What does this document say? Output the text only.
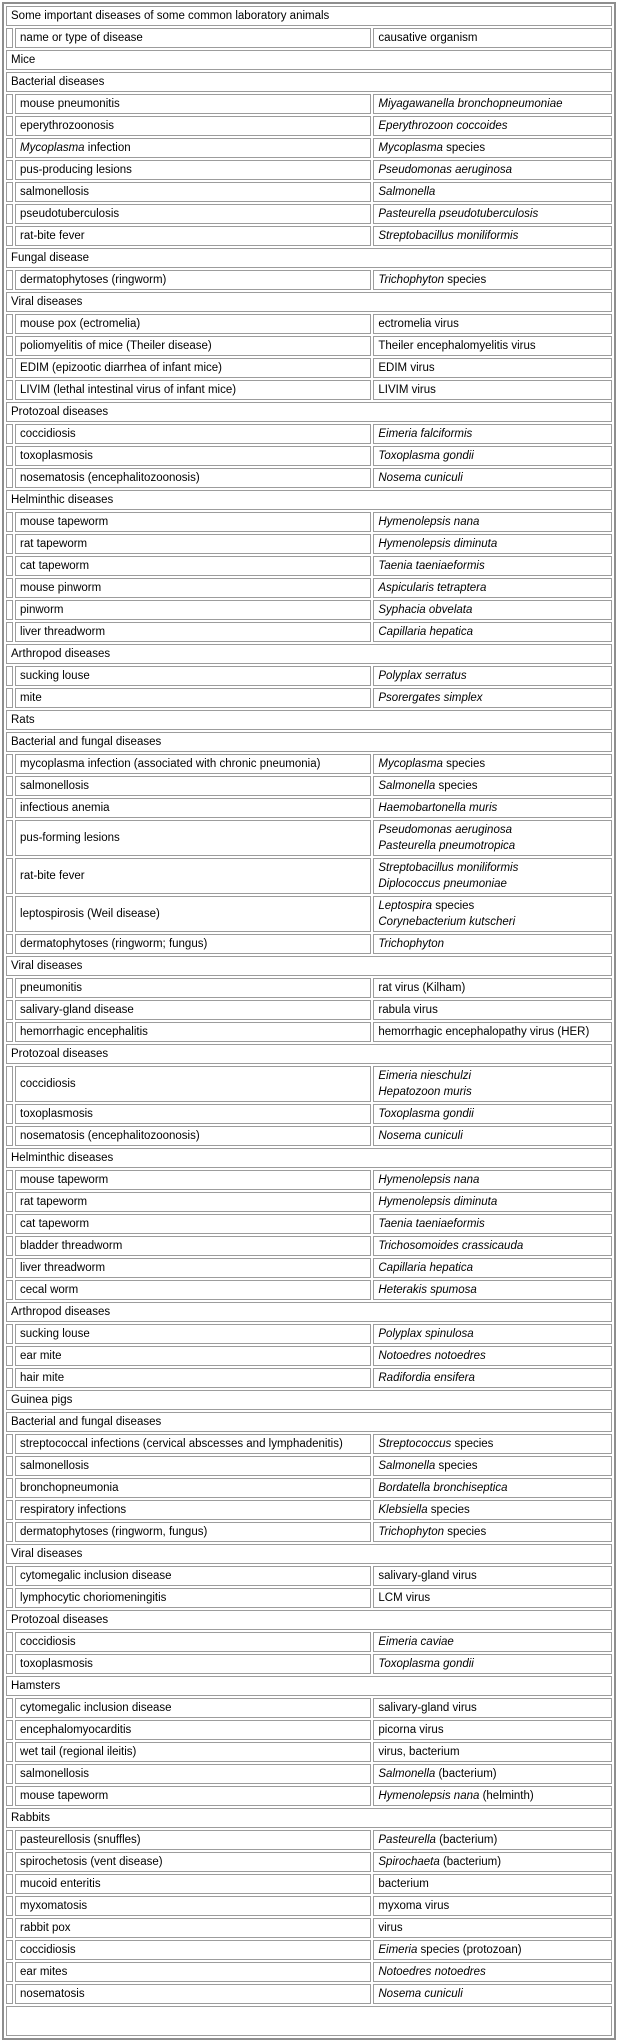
Some important diseases of some common laboratory animals		
	name or type of disease	causative organism
Mice		
Bacterial diseases		
	mouse pneumonitis	Miyagawanella bronchopneumoniae

	eperythrozoonosis	Eperythrozoon coccoides

	Mycoplasma infection	Mycoplasma species

	pus-producing lesions	Pseudomonas aeruginosa

	salmonellosis	Salmonella

	pseudotuberculosis	Pasteurella pseudotuberculosis

	rat-bite fever	Streptobacillus moniliformis

Fungal disease		
	dermatophytoses (ringworm)	Trichophyton species

Viral diseases		
	mouse pox (ectromelia)	ectromelia virus

	poliomyelitis of mice (Theiler disease)	Theiler encephalomyelitis virus

	EDIM (epizootic diarrhea of infant mice)	EDIM virus

	LIVIM (lethal intestinal virus of infant mice)	LIVIM virus

Protozoal diseases		
	coccidiosis	Eimeria falciformis

	toxoplasmosis	Toxoplasma gondii

	nosematosis (encephalitozoonosis)	Nosema cuniculi

Helminthic diseases		
	mouse tapeworm	Hymenolepsis nana

	rat tapeworm	Hymenolepsis diminuta

	cat tapeworm	Taenia taeniaeformis

	mouse pinworm	Aspicularis tetraptera

	pinworm	Syphacia obvelata

	liver threadworm	Capillaria hepatica

Arthropod diseases		
	sucking louse	Polyplax serratus

	mite	Psorergates simplex

Rats		
Bacterial and fungal diseases		
	mycoplasma infection (associated with chronic pneumonia)	Mycoplasma species

	salmonellosis	Salmonella species

	infectious anemia	Haemobartonella muris

	pus-forming lesions	Pseudomonas aeruginosa
Pasteurella pneumotropica

	rat-bite fever	Streptobacillus moniliformis
Diplococcus pneumoniae

	leptospirosis (Weil disease)	Leptospira species
Corynebacterium kutscheri

	dermatophytoses (ringworm; fungus)	Trichophyton

Viral diseases		
	pneumonitis	rat virus (Kilham)

	salivary-gland disease	rabula virus

	hemorrhagic encephalitis	hemorrhagic encephalopathy virus (HER)

Protozoal diseases		
	coccidiosis	Eimeria nieschulzi
Hepatozoon muris

	toxoplasmosis	Toxoplasma gondii

	nosematosis (encephalitozoonosis)	Nosema cuniculi

Helminthic diseases		
	mouse tapeworm	Hymenolepsis nana

	rat tapeworm	Hymenolepsis diminuta

	cat tapeworm	Taenia taeniaeformis

	bladder threadworm	Trichosomoides crassicauda

	liver threadworm	Capillaria hepatica

	cecal worm	Heterakis spumosa

Arthropod diseases		
	sucking louse	Polyplax spinulosa

	ear mite	Notoedres notoedres

	hair mite	Radifordia ensifera

Guinea pigs		
Bacterial and fungal diseases		
	streptococcal infections (cervical abscesses and lymphadenitis)	Streptococcus species

	salmonellosis	Salmonella species

	bronchopneumonia	Bordatella bronchiseptica

	respiratory infections	Klebsiella species

	dermatophytoses (ringworm, fungus)	Trichophyton species

Viral diseases		
	cytomegalic inclusion disease	salivary-gland virus

	lymphocytic choriomeningitis	LCM virus

Protozoal diseases		
	coccidiosis	Eimeria caviae

	toxoplasmosis	Toxoplasma gondii

Hamsters		
	cytomegalic inclusion disease	salivary-gland virus

	encephalomyocarditis	picorna virus

	wet tail (regional ileitis)	virus, bacterium

	salmonellosis	Salmonella (bacterium)

	mouse tapeworm	Hymenolepsis nana (helminth)

Rabbits		
	pasteurellosis (snuffles)	Pasteurella (bacterium)

	spirochetosis (vent disease)	Spirochaeta (bacterium)

	mucoid enteritis	bacterium

	myxomatosis	myxoma virus

	rabbit pox	virus

	coccidiosis	Eimeria species (protozoan)

	ear mites	Notoedres notoedres

	nosematosis	Nosema cuniculi
